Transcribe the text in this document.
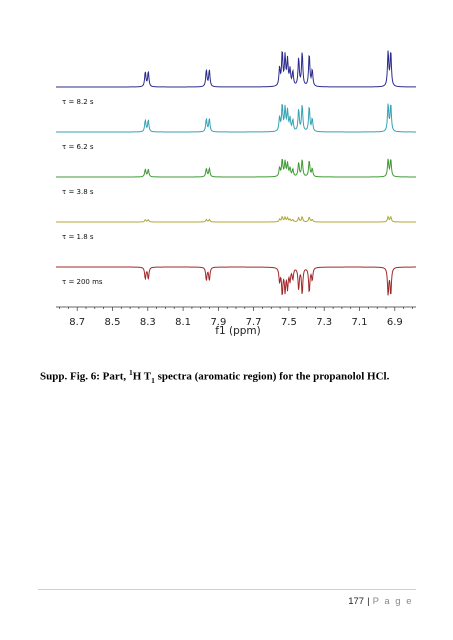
τ = 8.2 s
τ = 6.2 s
τ = 3.8 s
τ = 1.8 s
τ = 200 ms
8.7 8.5 8.3 8.1 7.9 7.7 7.5 7.3 7.1 6.9
f1 (ppm)
Supp. Fig. 6: Part, $^1$H $T_1$ spectra (aromatic region) for the propanolol HCl.
177 | P a g e
